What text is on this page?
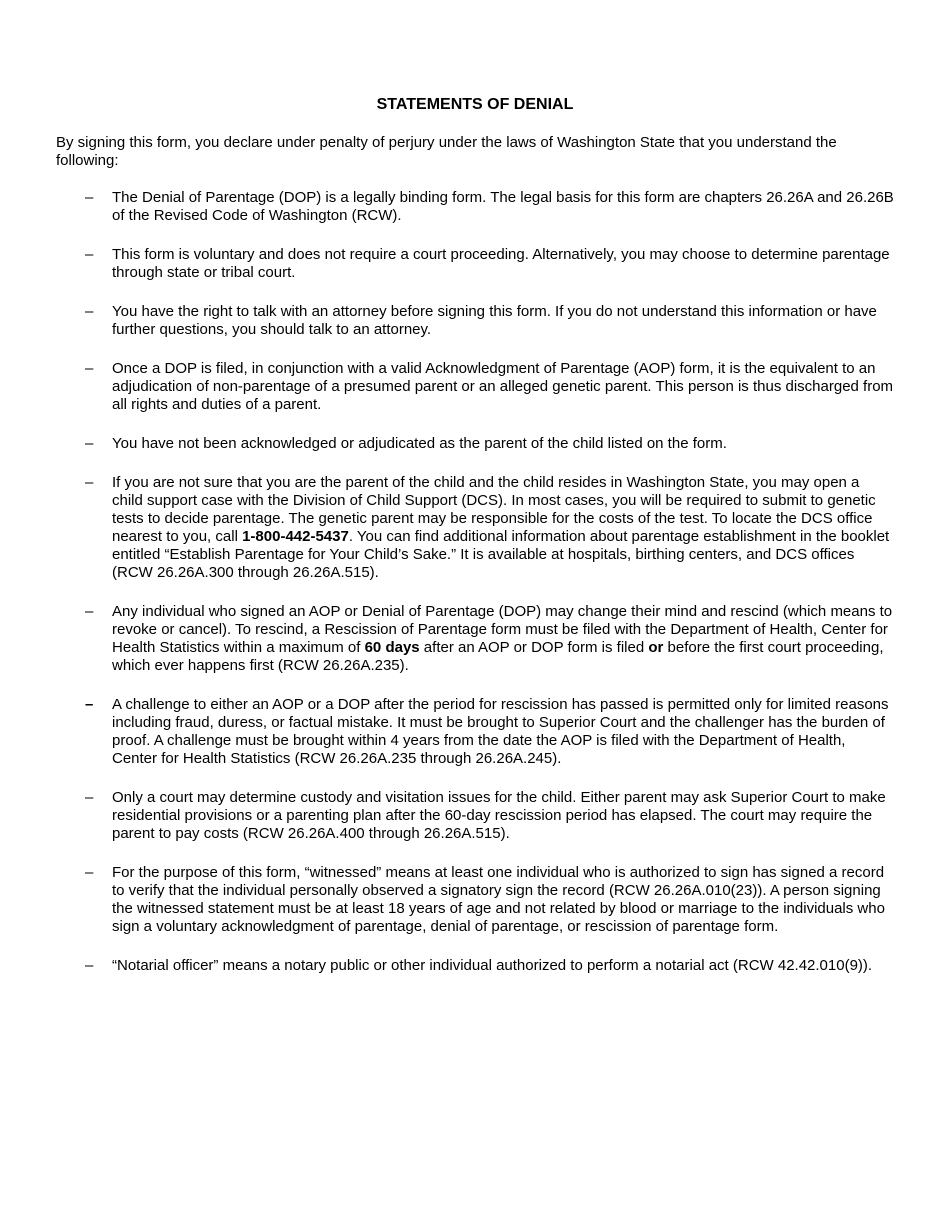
STATEMENTS OF DENIAL
By signing this form, you declare under penalty of perjury under the laws of Washington State that you understand the following:
– The Denial of Parentage (DOP) is a legally binding form. The legal basis for this form are chapters 26.26A and 26.26B of the Revised Code of Washington (RCW).
– This form is voluntary and does not require a court proceeding. Alternatively, you may choose to determine parentage through state or tribal court.
– You have the right to talk with an attorney before signing this form. If you do not understand this information or have further questions, you should talk to an attorney.
– Once a DOP is filed, in conjunction with a valid Acknowledgment of Parentage (AOP) form, it is the equivalent to an adjudication of non-parentage of a presumed parent or an alleged genetic parent. This person is thus discharged from all rights and duties of a parent.
– You have not been acknowledged or adjudicated as the parent of the child listed on the form.
– If you are not sure that you are the parent of the child and the child resides in Washington State, you may open a child support case with the Division of Child Support (DCS). In most cases, you will be required to submit to genetic tests to decide parentage. The genetic parent may be responsible for the costs of the test. To locate the DCS office nearest to you, call 1-800-442-5437. You can find additional information about parentage establishment in the booklet entitled “Establish Parentage for Your Child’s Sake.” It is available at hospitals, birthing centers, and DCS offices (RCW 26.26A.300 through 26.26A.515).
– Any individual who signed an AOP or Denial of Parentage (DOP) may change their mind and rescind (which means to revoke or cancel). To rescind, a Rescission of Parentage form must be filed with the Department of Health, Center for Health Statistics within a maximum of 60 days after an AOP or DOP form is filed or before the first court proceeding, which ever happens first (RCW 26.26A.235).
– A challenge to either an AOP or a DOP after the period for rescission has passed is permitted only for limited reasons including fraud, duress, or factual mistake. It must be brought to Superior Court and the challenger has the burden of proof. A challenge must be brought within 4 years from the date the AOP is filed with the Department of Health, Center for Health Statistics (RCW 26.26A.235 through 26.26A.245).
– Only a court may determine custody and visitation issues for the child. Either parent may ask Superior Court to make residential provisions or a parenting plan after the 60-day rescission period has elapsed. The court may require the parent to pay costs (RCW 26.26A.400 through 26.26A.515).
– For the purpose of this form, “witnessed” means at least one individual who is authorized to sign has signed a record to verify that the individual personally observed a signatory sign the record (RCW 26.26A.010(23)). A person signing the witnessed statement must be at least 18 years of age and not related by blood or marriage to the individuals who sign a voluntary acknowledgment of parentage, denial of parentage, or rescission of parentage form.
– “Notarial officer” means a notary public or other individual authorized to perform a notarial act (RCW 42.42.010(9)).
